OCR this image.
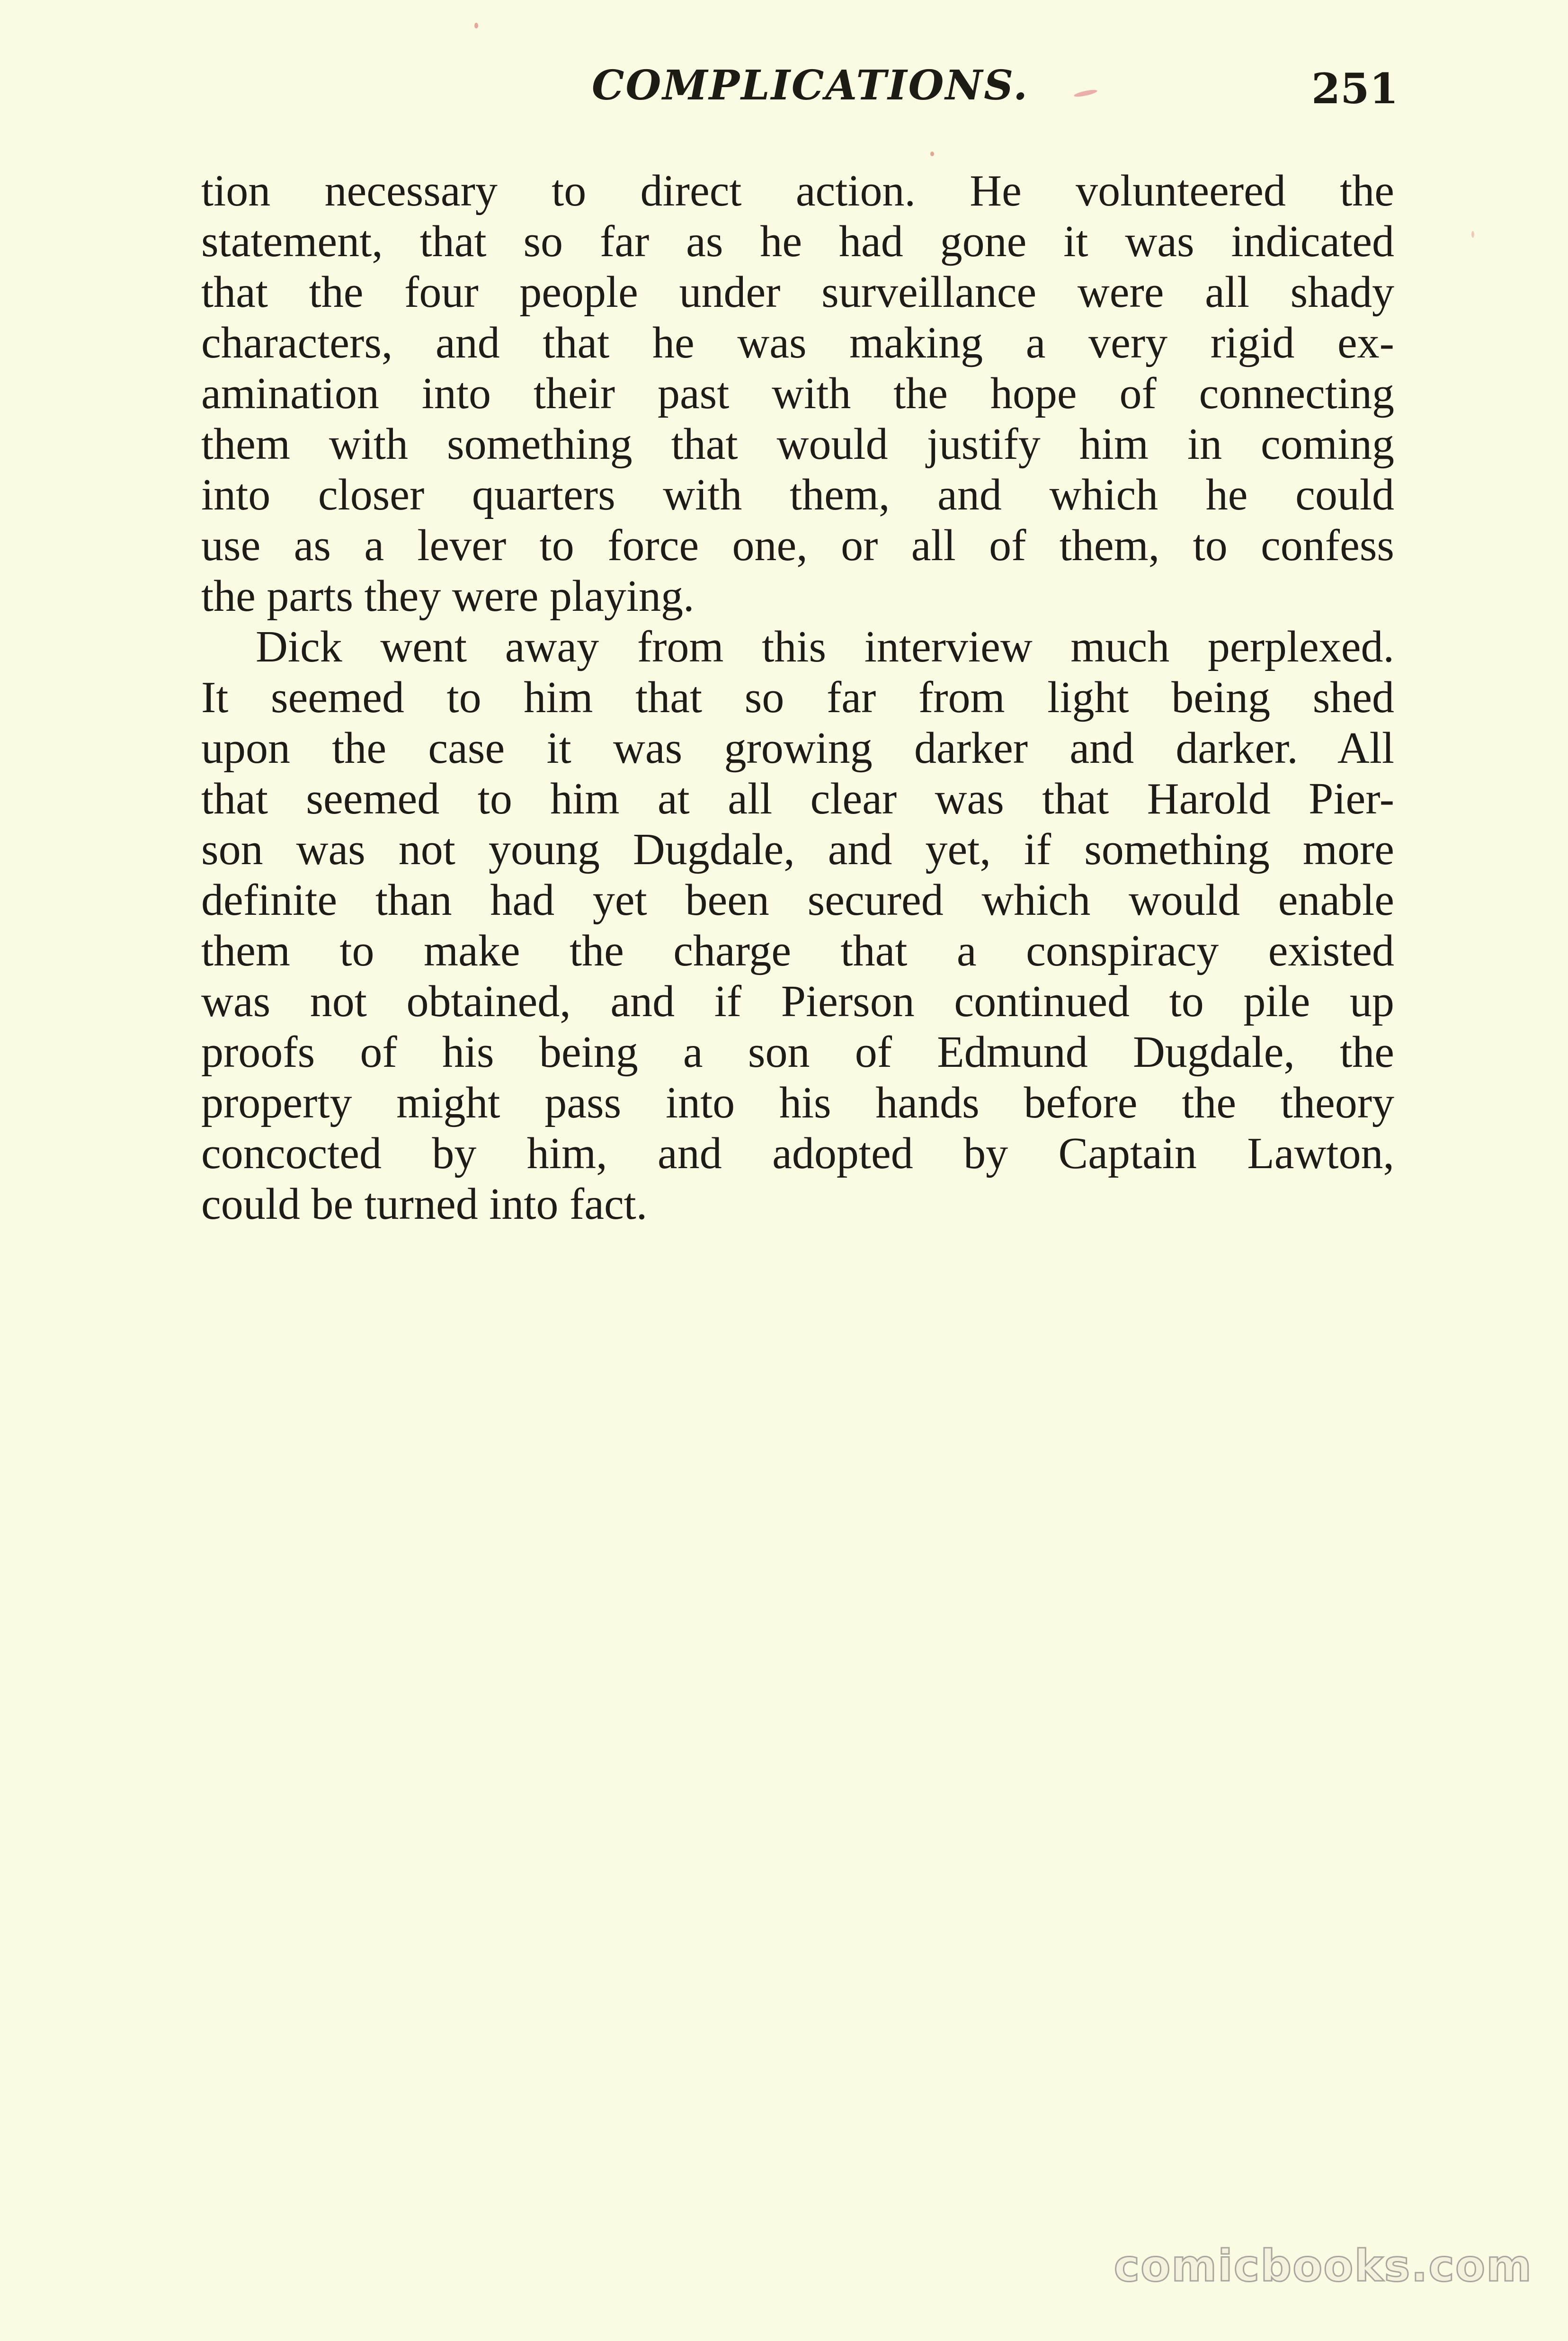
COMPLICATIONS.	251
tion necessary to direct action. He volunteered the
statement, that so far as he had gone it was indicated
that the four people under surveillance were all shady
characters, and that he was making a very rigid ex-
amination into their past with the hope of connecting
them with something that would justify him in coming
into closer quarters with them, and which he could
use as a lever to force one, or all of them, to confess
the parts they were playing.
Dick went away from this interview much perplexed.
It seemed to him that so far from light being shed
upon the case it was growing darker and darker. All
that seemed to him at all clear was that Harold Pier-
son was not young Dugdale, and yet, if something more
definite than had yet been secured which would enable
them to make the charge that a conspiracy existed
was not obtained, and if Pierson continued to pile up
proofs of his being a son of Edmund Dugdale, the
property might pass into his hands before the theory
concocted by him, and adopted by Captain Lawton,
could be turned into fact.
comicbooks.com
